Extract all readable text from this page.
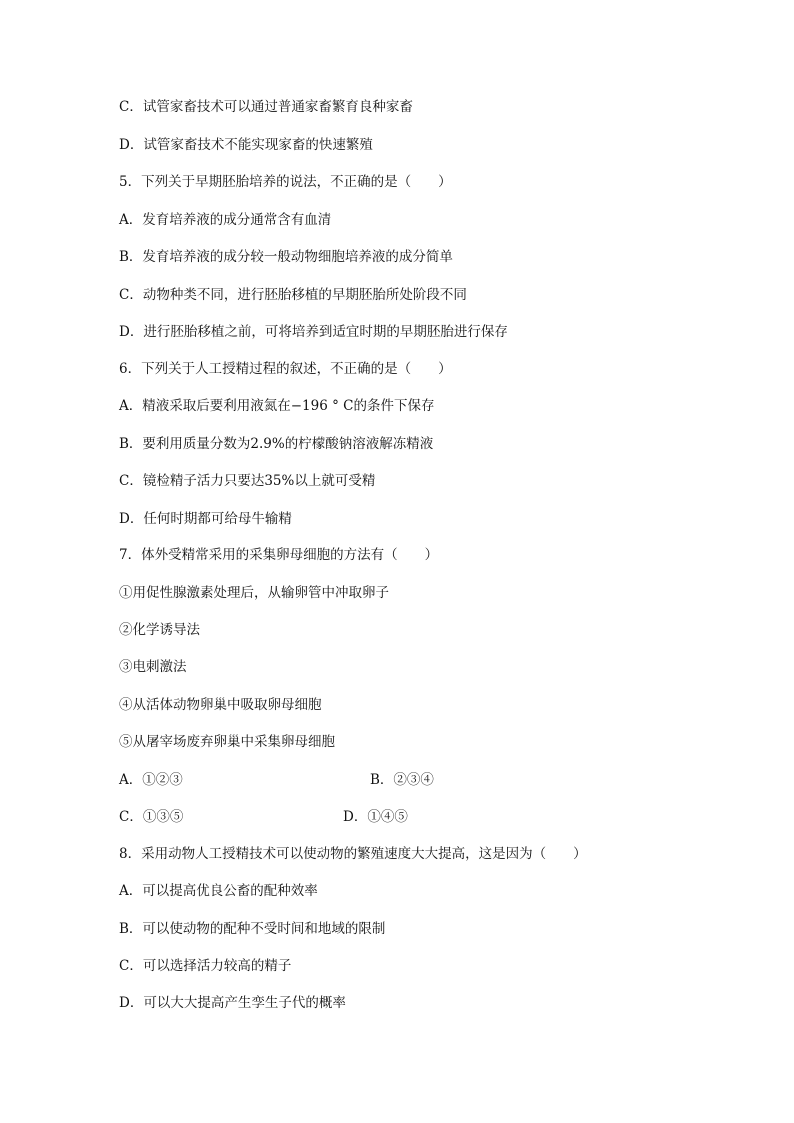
C．试管家畜技术可以通过普通家畜繁育良种家畜
D．试管家畜技术不能实现家畜的快速繁殖
5．下列关于早期胚胎培养的说法，不正确的是（　　）
A．发育培养液的成分通常含有血清
B．发育培养液的成分较一般动物细胞培养液的成分简单
C．动物种类不同，进行胚胎移植的早期胚胎所处阶段不同
D．进行胚胎移植之前，可将培养到适宜时期的早期胚胎进行保存
6．下列关于人工授精过程的叙述，不正确的是（　　）
A．精液采取后要利用液氮在−196 ° C的条件下保存
B．要利用质量分数为2.9%的柠檬酸钠溶液解冻精液
C．镜检精子活力只要达35%以上就可受精
D．任何时期都可给母牛输精
7．体外受精常采用的采集卵母细胞的方法有（　　）
①用促性腺激素处理后，从输卵管中冲取卵子
②化学诱导法
③电刺激法
④从活体动物卵巢中吸取卵母细胞
⑤从屠宰场废弃卵巢中采集卵母细胞
A．①②③	B．②③④
C．①③⑤	D．①④⑤
8．采用动物人工授精技术可以使动物的繁殖速度大大提高，这是因为（　　）
A．可以提高优良公畜的配种效率
B．可以使动物的配种不受时间和地域的限制
C．可以选择活力较高的精子
D．可以大大提高产生孪生子代的概率
